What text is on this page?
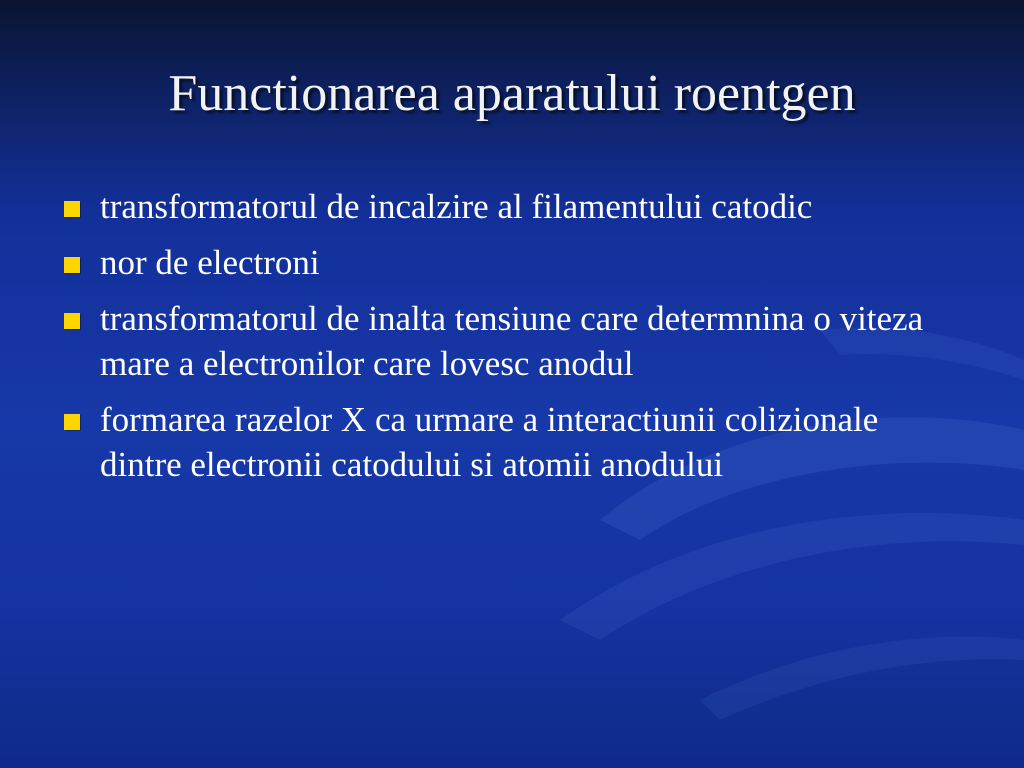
Functionarea aparatului roentgen
transformatorul de incalzire al filamentului catodic
nor de electroni
transformatorul de inalta tensiune care determnina o viteza mare a electronilor care lovesc anodul
formarea razelor X ca urmare a interactiunii colizionale dintre electronii catodului si atomii anodului
